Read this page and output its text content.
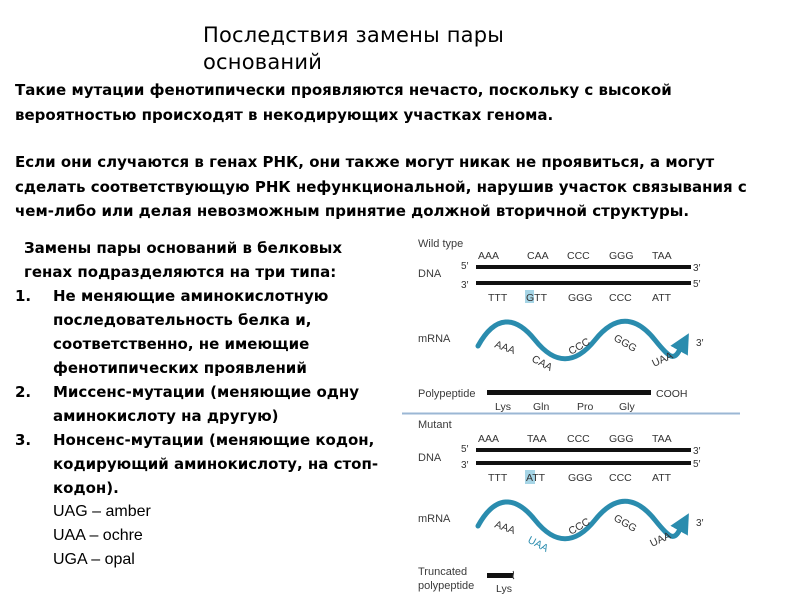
Последствия замены пары
оснований
Такие мутации фенотипически проявляются нечасто, поскольку с высокой
вероятностью происходят в некодирующих участках генома.
Если они случаются в генах РНК, они также могут никак не проявиться, а могут
сделать соответствующую РНК нефункциональной, нарушив участок связывания с
чем-либо или делая невозможным принятие должной вторичной структуры.
Замены пары оснований в белковых
генах подразделяются на три типа:
1. Не меняющие аминокислотную
последовательность белка и,
соответственно, не имеющие
фенотипических проявлений
2. Миссенс-мутации (меняющие одну
аминокислоту на другую)
3. Нонсенс-мутации (меняющие кодон,
кодирующий аминокислоту, на стоп-
кодон).
UAG – amber
UAA – ochre
UGA – opal
Wild type
DNA
AAA	CAA CCC GGG TAA
5′
3′
3′
5′
TTT GTT GGG CCC ATT
mRNA	3′
AAA
CAA
CCC GGG
UAA
Polypeptide	COOH
Lys Gln	Pro Gly
Mutant
DNA
AAA	TAA CCC GGG TAA
5′
3′
3′
5′
TTT ATT GGG CCC ATT
mRNA	3′
AAA
UAA
CCC GGG
UAA
Truncated
polypeptide Lys
